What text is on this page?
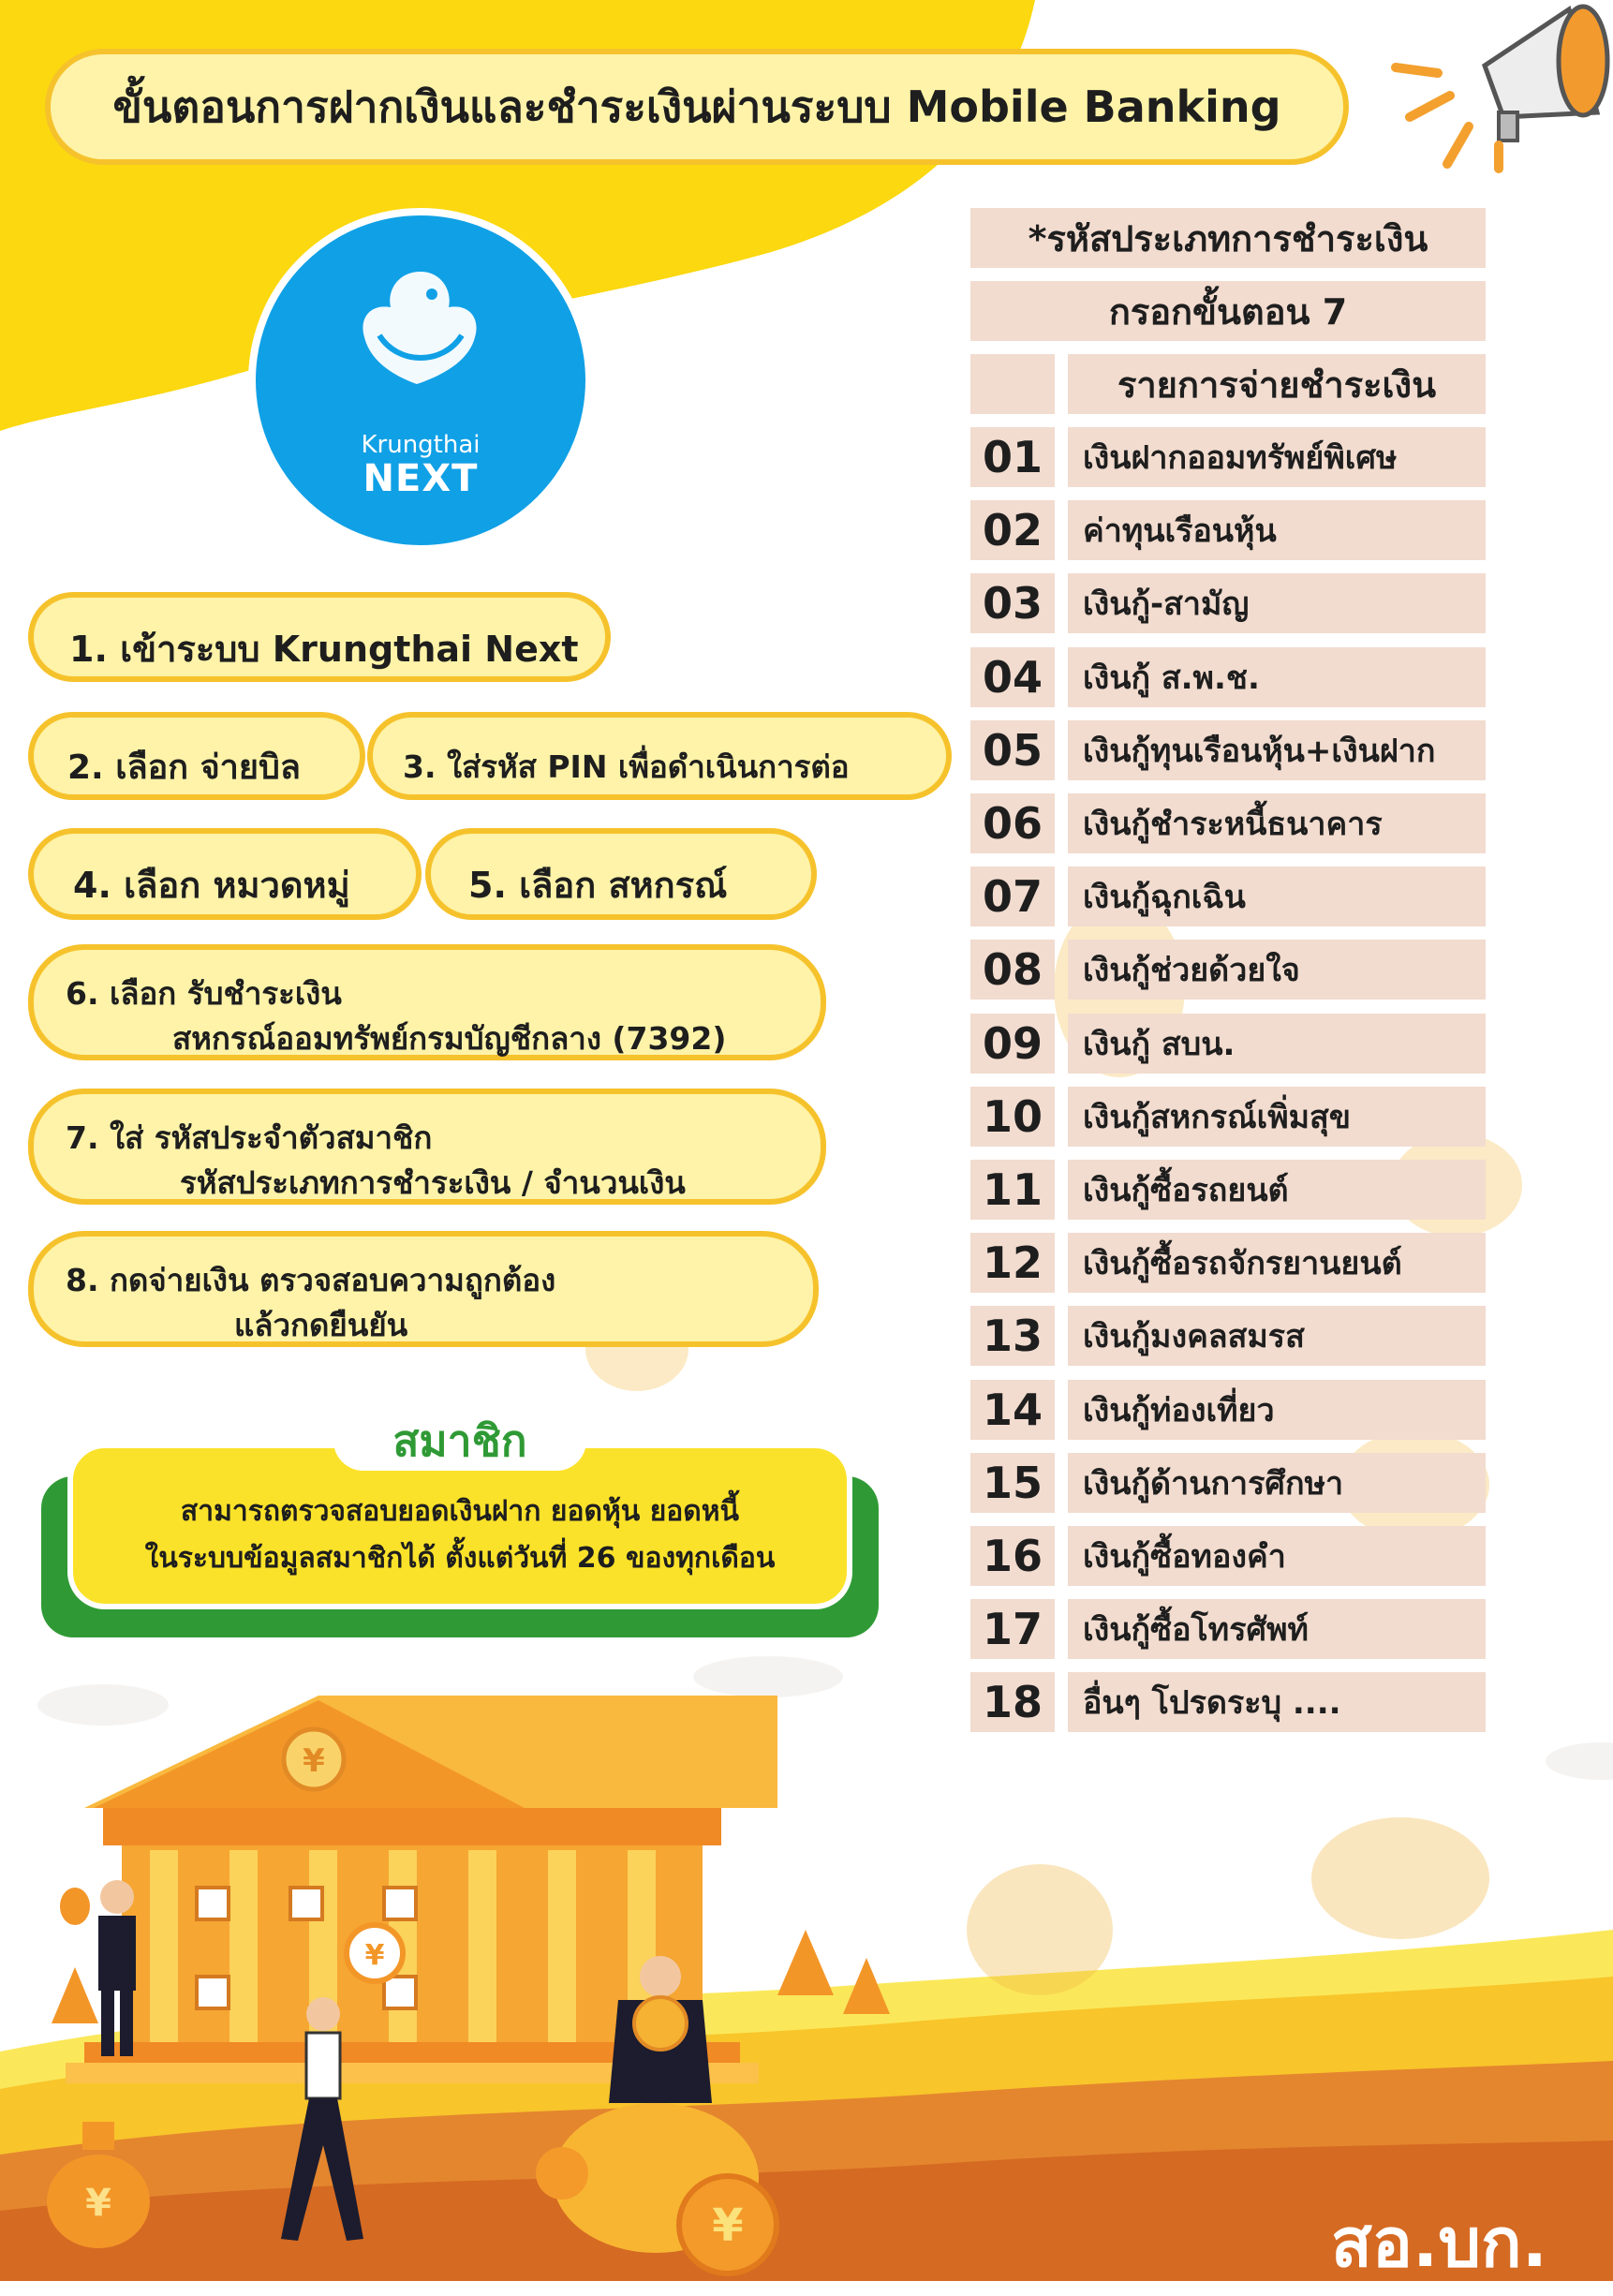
¥
¥
¥
¥
ขั้นตอนการฝากเงินและชำระเงินผ่านระบบ Mobile Banking
Krungthai
NEXT
1. เข้าระบบ Krungthai Next
2. เลือก จ่ายบิล	3. ใส่รหัส PIN เพื่อดำเนินการต่อ
4. เลือก หมวดหมู่	5. เลือก สหกรณ์
6. เลือก รับชำระเงิน
สหกรณ์ออมทรัพย์กรมบัญชีกลาง (7392)
7. ใส่ รหัสประจำตัวสมาชิก
รหัสประเภทการชำระเงิน / จำนวนเงิน
8. กดจ่ายเงิน ตรวจสอบความถูกต้อง
แล้วกดยืนยัน
สมาชิก
สามารถตรวจสอบยอดเงินฝาก ยอดหุ้น ยอดหนี้
ในระบบข้อมูลสมาชิกได้ ตั้งแต่วันที่ 26 ของทุกเดือน
*รหัสประเภทการชำระเงิน
กรอกขั้นตอน 7
รายการจ่ายชำระเงิน
01	เงินฝากออมทรัพย์พิเศษ
02	ค่าทุนเรือนหุ้น
03	เงินกู้-สามัญ
04	เงินกู้ ส.พ.ช.
05	เงินกู้ทุนเรือนหุ้น+เงินฝาก
06	เงินกู้ชำระหนี้ธนาคาร
07	เงินกู้ฉุกเฉิน
08	เงินกู้ช่วยด้วยใจ
09	เงินกู้ สบน.
10	เงินกู้สหกรณ์เพิ่มสุข
11	เงินกู้ซื้อรถยนต์
12	เงินกู้ซื้อรถจักรยานยนต์
13	เงินกู้มงคลสมรส
14	เงินกู้ท่องเที่ยว
15	เงินกู้ด้านการศึกษา
16	เงินกู้ซื้อทองคำ
17	เงินกู้ซื้อโทรศัพท์
18	อื่นๆ โปรดระบุ ....
สอ.บก.
